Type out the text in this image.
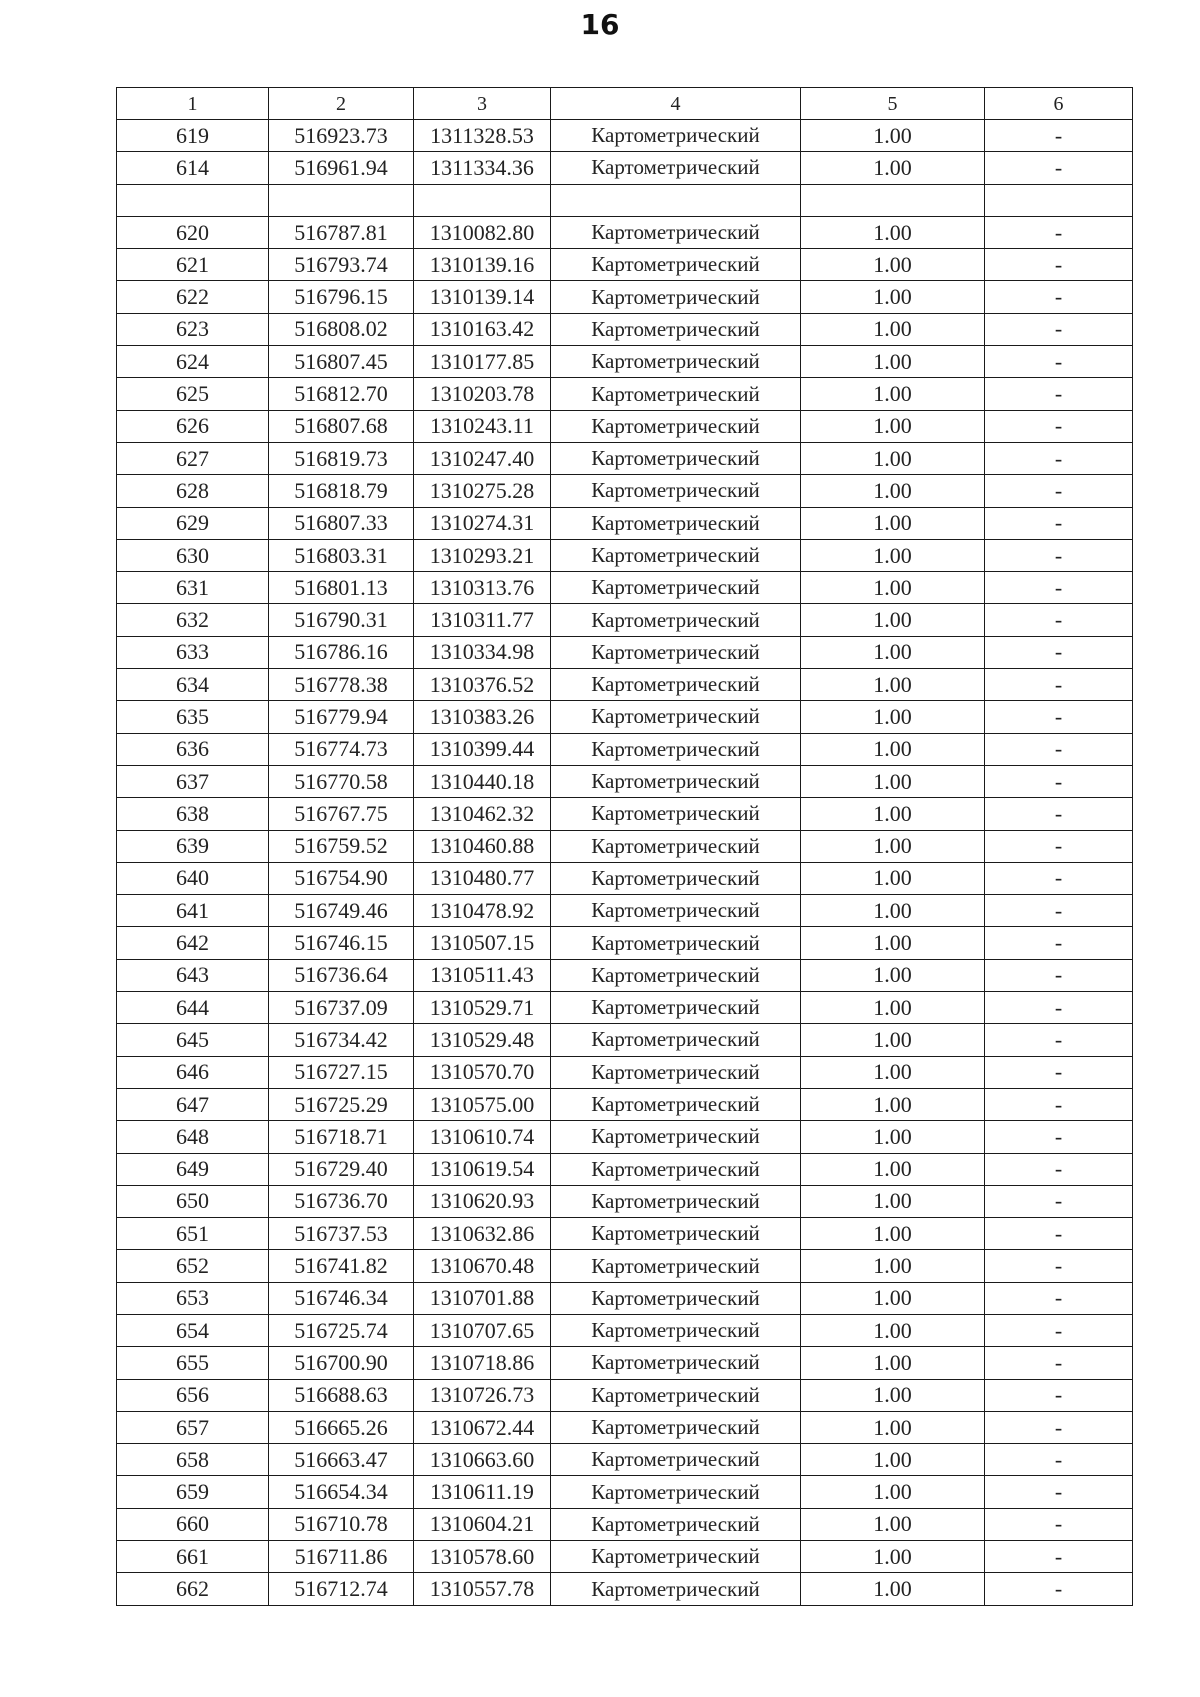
16
1	2	3	4	5	6
619	516923.73	1311328.53	Картометрический	1.00	-
614	516961.94	1311334.36	Картометрический	1.00	-

620	516787.81	1310082.80	Картометрический	1.00	-
621	516793.74	1310139.16	Картометрический	1.00	-
622	516796.15	1310139.14	Картометрический	1.00	-
623	516808.02	1310163.42	Картометрический	1.00	-
624	516807.45	1310177.85	Картометрический	1.00	-
625	516812.70	1310203.78	Картометрический	1.00	-
626	516807.68	1310243.11	Картометрический	1.00	-
627	516819.73	1310247.40	Картометрический	1.00	-
628	516818.79	1310275.28	Картометрический	1.00	-
629	516807.33	1310274.31	Картометрический	1.00	-
630	516803.31	1310293.21	Картометрический	1.00	-
631	516801.13	1310313.76	Картометрический	1.00	-
632	516790.31	1310311.77	Картометрический	1.00	-
633	516786.16	1310334.98	Картометрический	1.00	-
634	516778.38	1310376.52	Картометрический	1.00	-
635	516779.94	1310383.26	Картометрический	1.00	-
636	516774.73	1310399.44	Картометрический	1.00	-
637	516770.58	1310440.18	Картометрический	1.00	-
638	516767.75	1310462.32	Картометрический	1.00	-
639	516759.52	1310460.88	Картометрический	1.00	-
640	516754.90	1310480.77	Картометрический	1.00	-
641	516749.46	1310478.92	Картометрический	1.00	-
642	516746.15	1310507.15	Картометрический	1.00	-
643	516736.64	1310511.43	Картометрический	1.00	-
644	516737.09	1310529.71	Картометрический	1.00	-
645	516734.42	1310529.48	Картометрический	1.00	-
646	516727.15	1310570.70	Картометрический	1.00	-
647	516725.29	1310575.00	Картометрический	1.00	-
648	516718.71	1310610.74	Картометрический	1.00	-
649	516729.40	1310619.54	Картометрический	1.00	-
650	516736.70	1310620.93	Картометрический	1.00	-
651	516737.53	1310632.86	Картометрический	1.00	-
652	516741.82	1310670.48	Картометрический	1.00	-
653	516746.34	1310701.88	Картометрический	1.00	-
654	516725.74	1310707.65	Картометрический	1.00	-
655	516700.90	1310718.86	Картометрический	1.00	-
656	516688.63	1310726.73	Картометрический	1.00	-
657	516665.26	1310672.44	Картометрический	1.00	-
658	516663.47	1310663.60	Картометрический	1.00	-
659	516654.34	1310611.19	Картометрический	1.00	-
660	516710.78	1310604.21	Картометрический	1.00	-
661	516711.86	1310578.60	Картометрический	1.00	-
662	516712.74	1310557.78	Картометрический	1.00	-
